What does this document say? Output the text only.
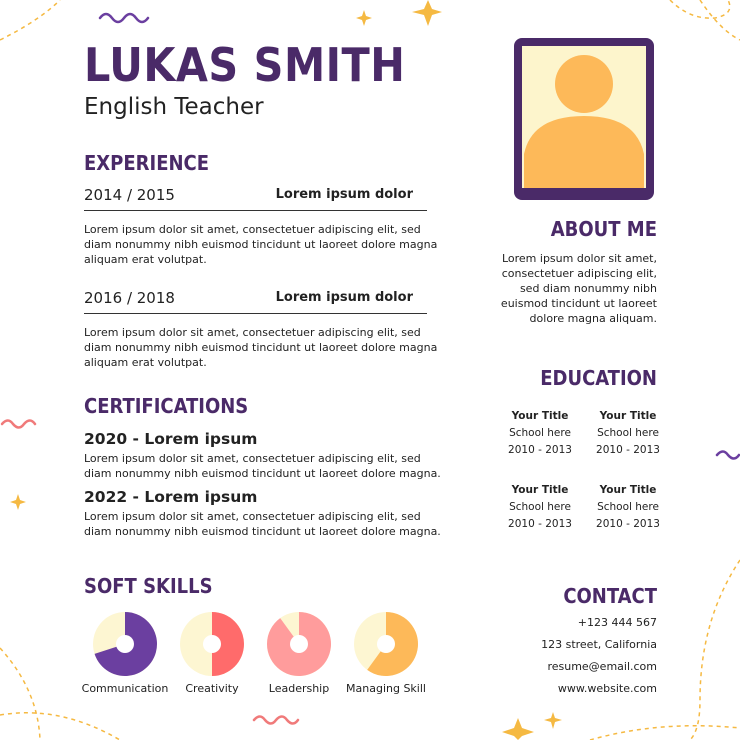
LUKAS SMITH
English Teacher
EXPERIENCE
2014 / 2015	Lorem ipsum dolor
Lorem ipsum dolor sit amet, consectetuer adipiscing elit, sed
diam nonummy nibh euismod tincidunt ut laoreet dolore magna
aliquam erat volutpat.
2016 / 2018	Lorem ipsum dolor
Lorem ipsum dolor sit amet, consectetuer adipiscing elit, sed
diam nonummy nibh euismod tincidunt ut laoreet dolore magna
aliquam erat volutpat.
CERTIFICATIONS
2020 - Lorem ipsum
Lorem ipsum dolor sit amet, consectetuer adipiscing elit, sed
diam nonummy nibh euismod tincidunt ut laoreet dolore magna.
2022 - Lorem ipsum
Lorem ipsum dolor sit amet, consectetuer adipiscing elit, sed
diam nonummy nibh euismod tincidunt ut laoreet dolore magna.
SOFT SKILLS
Communication	Creativity	Leadership	Managing Skill
ABOUT ME
Lorem ipsum dolor sit amet,
consectetuer adipiscing elit,
sed diam nonummy nibh
euismod tincidunt ut laoreet
dolore magna aliquam.
EDUCATION
Your Title
School here
2010 - 2013
Your Title
School here
2010 - 2013
Your Title
School here
2010 - 2013
Your Title
School here
2010 - 2013
CONTACT
+123 444 567
123 street, California
resume@email.com
www.website.com
